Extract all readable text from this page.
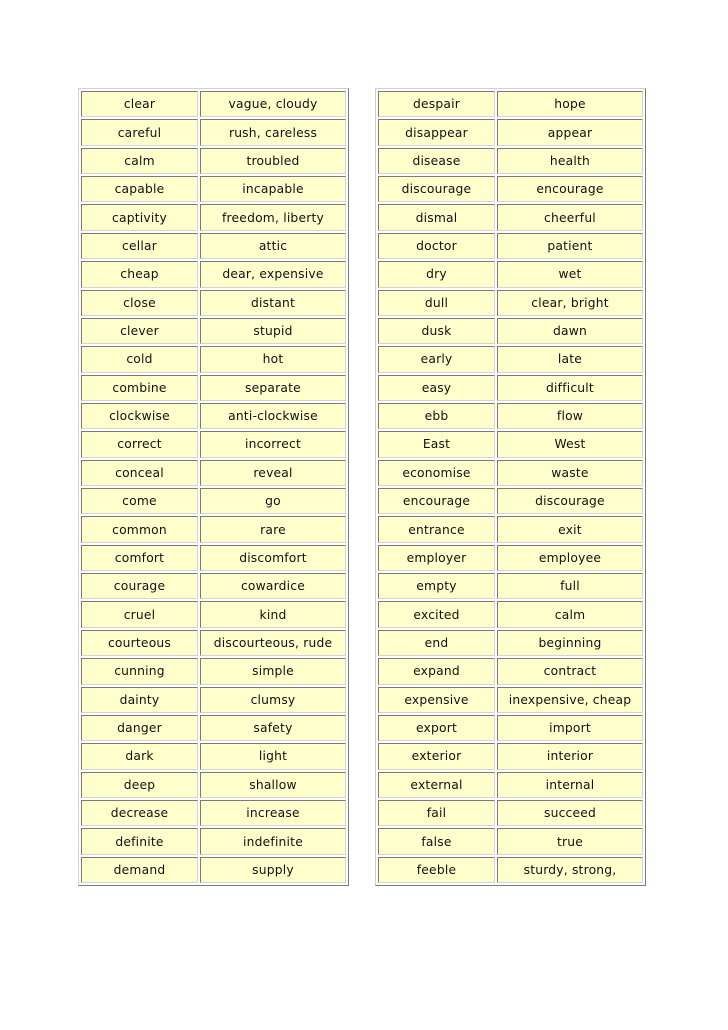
clear	vague, cloudy
careful	rush, careless
calm	troubled
capable	incapable
captivity	freedom, liberty
cellar	attic
cheap	dear, expensive
close	distant
clever	stupid
cold	hot
combine	separate
clockwise	anti-clockwise
correct	incorrect
conceal	reveal
come	go
common	rare
comfort	discomfort
courage	cowardice
cruel	kind
courteous	discourteous, rude
cunning	simple
dainty	clumsy
danger	safety
dark	light
deep	shallow
decrease	increase
definite	indefinite
demand	supply
despair	hope
disappear	appear
disease	health
discourage	encourage
dismal	cheerful
doctor	patient
dry	wet
dull	clear, bright
dusk	dawn
early	late
easy	difficult
ebb	flow
East	West
economise	waste
encourage	discourage
entrance	exit
employer	employee
empty	full
excited	calm
end	beginning
expand	contract
expensive	inexpensive, cheap
export	import
exterior	interior
external	internal
fail	succeed
false	true
feeble	sturdy, strong,
